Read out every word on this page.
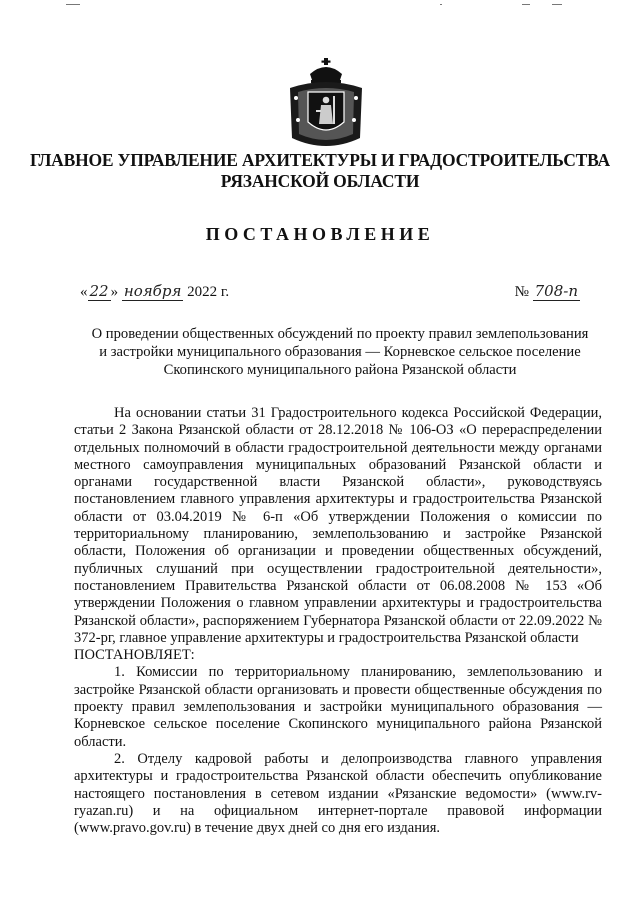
ГЛАВНОЕ УПРАВЛЕНИЕ АРХИТЕКТУРЫ И ГРАДОСТРОИТЕЛЬСТВА
РЯЗАНСКОЙ ОБЛАСТИ
ПОСТАНОВЛЕНИЕ
« 22 » ноября 2022 г.	№ 708-п
О проведении общественных обсуждений по проекту правил землепользования
и застройки муниципального образования — Корневское сельское поселение
Скопинского муниципального района Рязанской области

На основании статьи 31 Градостроительного кодекса Российской Федерации, статьи 2 Закона Рязанской области от 28.12.2018 № 106-ОЗ «О перераспределении отдельных полномочий в области градостроительной деятельности между органами местного самоуправления муниципальных образований Рязанской области и органами государственной власти Рязанской области», руководствуясь постановлением главного управления архитектуры и градостроительства Рязанской области от 03.04.2019 № 6-п «Об утверждении Положения о комиссии по территориальному планированию, землепользованию и застройке Рязанской области, Положения об организации и проведении общественных обсуждений, публичных слушаний при осуществлении градостроительной деятельности», постановлением Правительства Рязанской области от 06.08.2008 № 153 «Об утверждении Положения о главном управлении архитектуры и градостроительства Рязанской области», распоряжением Губернатора Рязанской области от 22.09.2022 № 372-рг, главное управление архитектуры и градостроительства Рязанской области

ПОСТАНОВЛЯЕТ:

1. Комиссии по территориальному планированию, землепользованию и застройке Рязанской области организовать и провести общественные обсуждения по проекту правил землепользования и застройки муниципального образования — Корневское сельское поселение Скопинского муниципального района Рязанской области.

2. Отделу кадровой работы и делопроизводства главного управления архитектуры и градостроительства Рязанской области обеспечить опубликование настоящего постановления в сетевом издании «Рязанские ведомости» (www.rv-ryazan.ru) и на официальном интернет-портале правовой информации (www.pravo.gov.ru) в течение двух дней со дня его издания.
